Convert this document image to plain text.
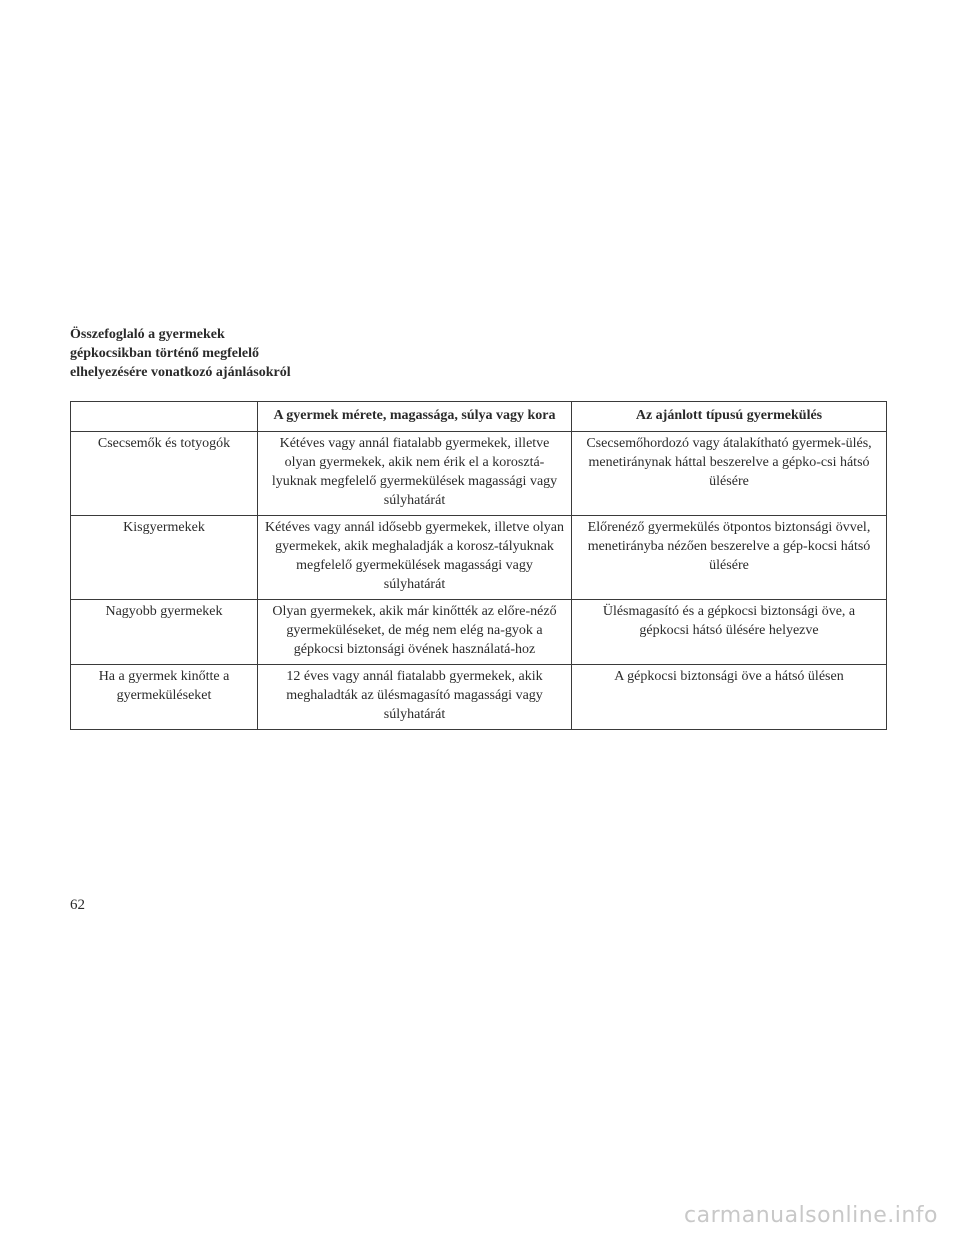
Összefoglaló a gyermekek
gépkocsikban történő megfelelő
elhelyezésére vonatkozó ajánlásokról
	A gyermek mérete, magassága, súlya vagy kora	Az ajánlott típusú gyermekülés
Csecsemők és totyogók	Kétéves vagy annál fiatalabb gyermekek, illetve olyan gyermekek, akik nem érik el a korosztá-lyuknak megfelelő gyermekülések magassági vagy súlyhatárát	Csecsemőhordozó vagy átalakítható gyermek-ülés, menetiránynak háttal beszerelve a gépko-csi hátsó ülésére
Kisgyermekek	Kétéves vagy annál idősebb gyermekek, illetve olyan gyermekek, akik meghaladják a korosz-tályuknak megfelelő gyermekülések magassági vagy súlyhatárát	Előrenéző gyermekülés ötpontos biztonsági övvel, menetirányba nézően beszerelve a gép-kocsi hátsó ülésére
Nagyobb gyermekek	Olyan gyermekek, akik már kinőtték az előre-néző gyermeküléseket, de még nem elég na-gyok a gépkocsi biztonsági övének használatá-hoz	Ülésmagasító és a gépkocsi biztonsági öve, a gépkocsi hátsó ülésére helyezve
Ha a gyermek kinőtte a gyermeküléseket	12 éves vagy annál fiatalabb gyermekek, akik meghaladták az ülésmagasító magassági vagy súlyhatárát	A gépkocsi biztonsági öve a hátsó ülésen
62
carmanualsonline.info
